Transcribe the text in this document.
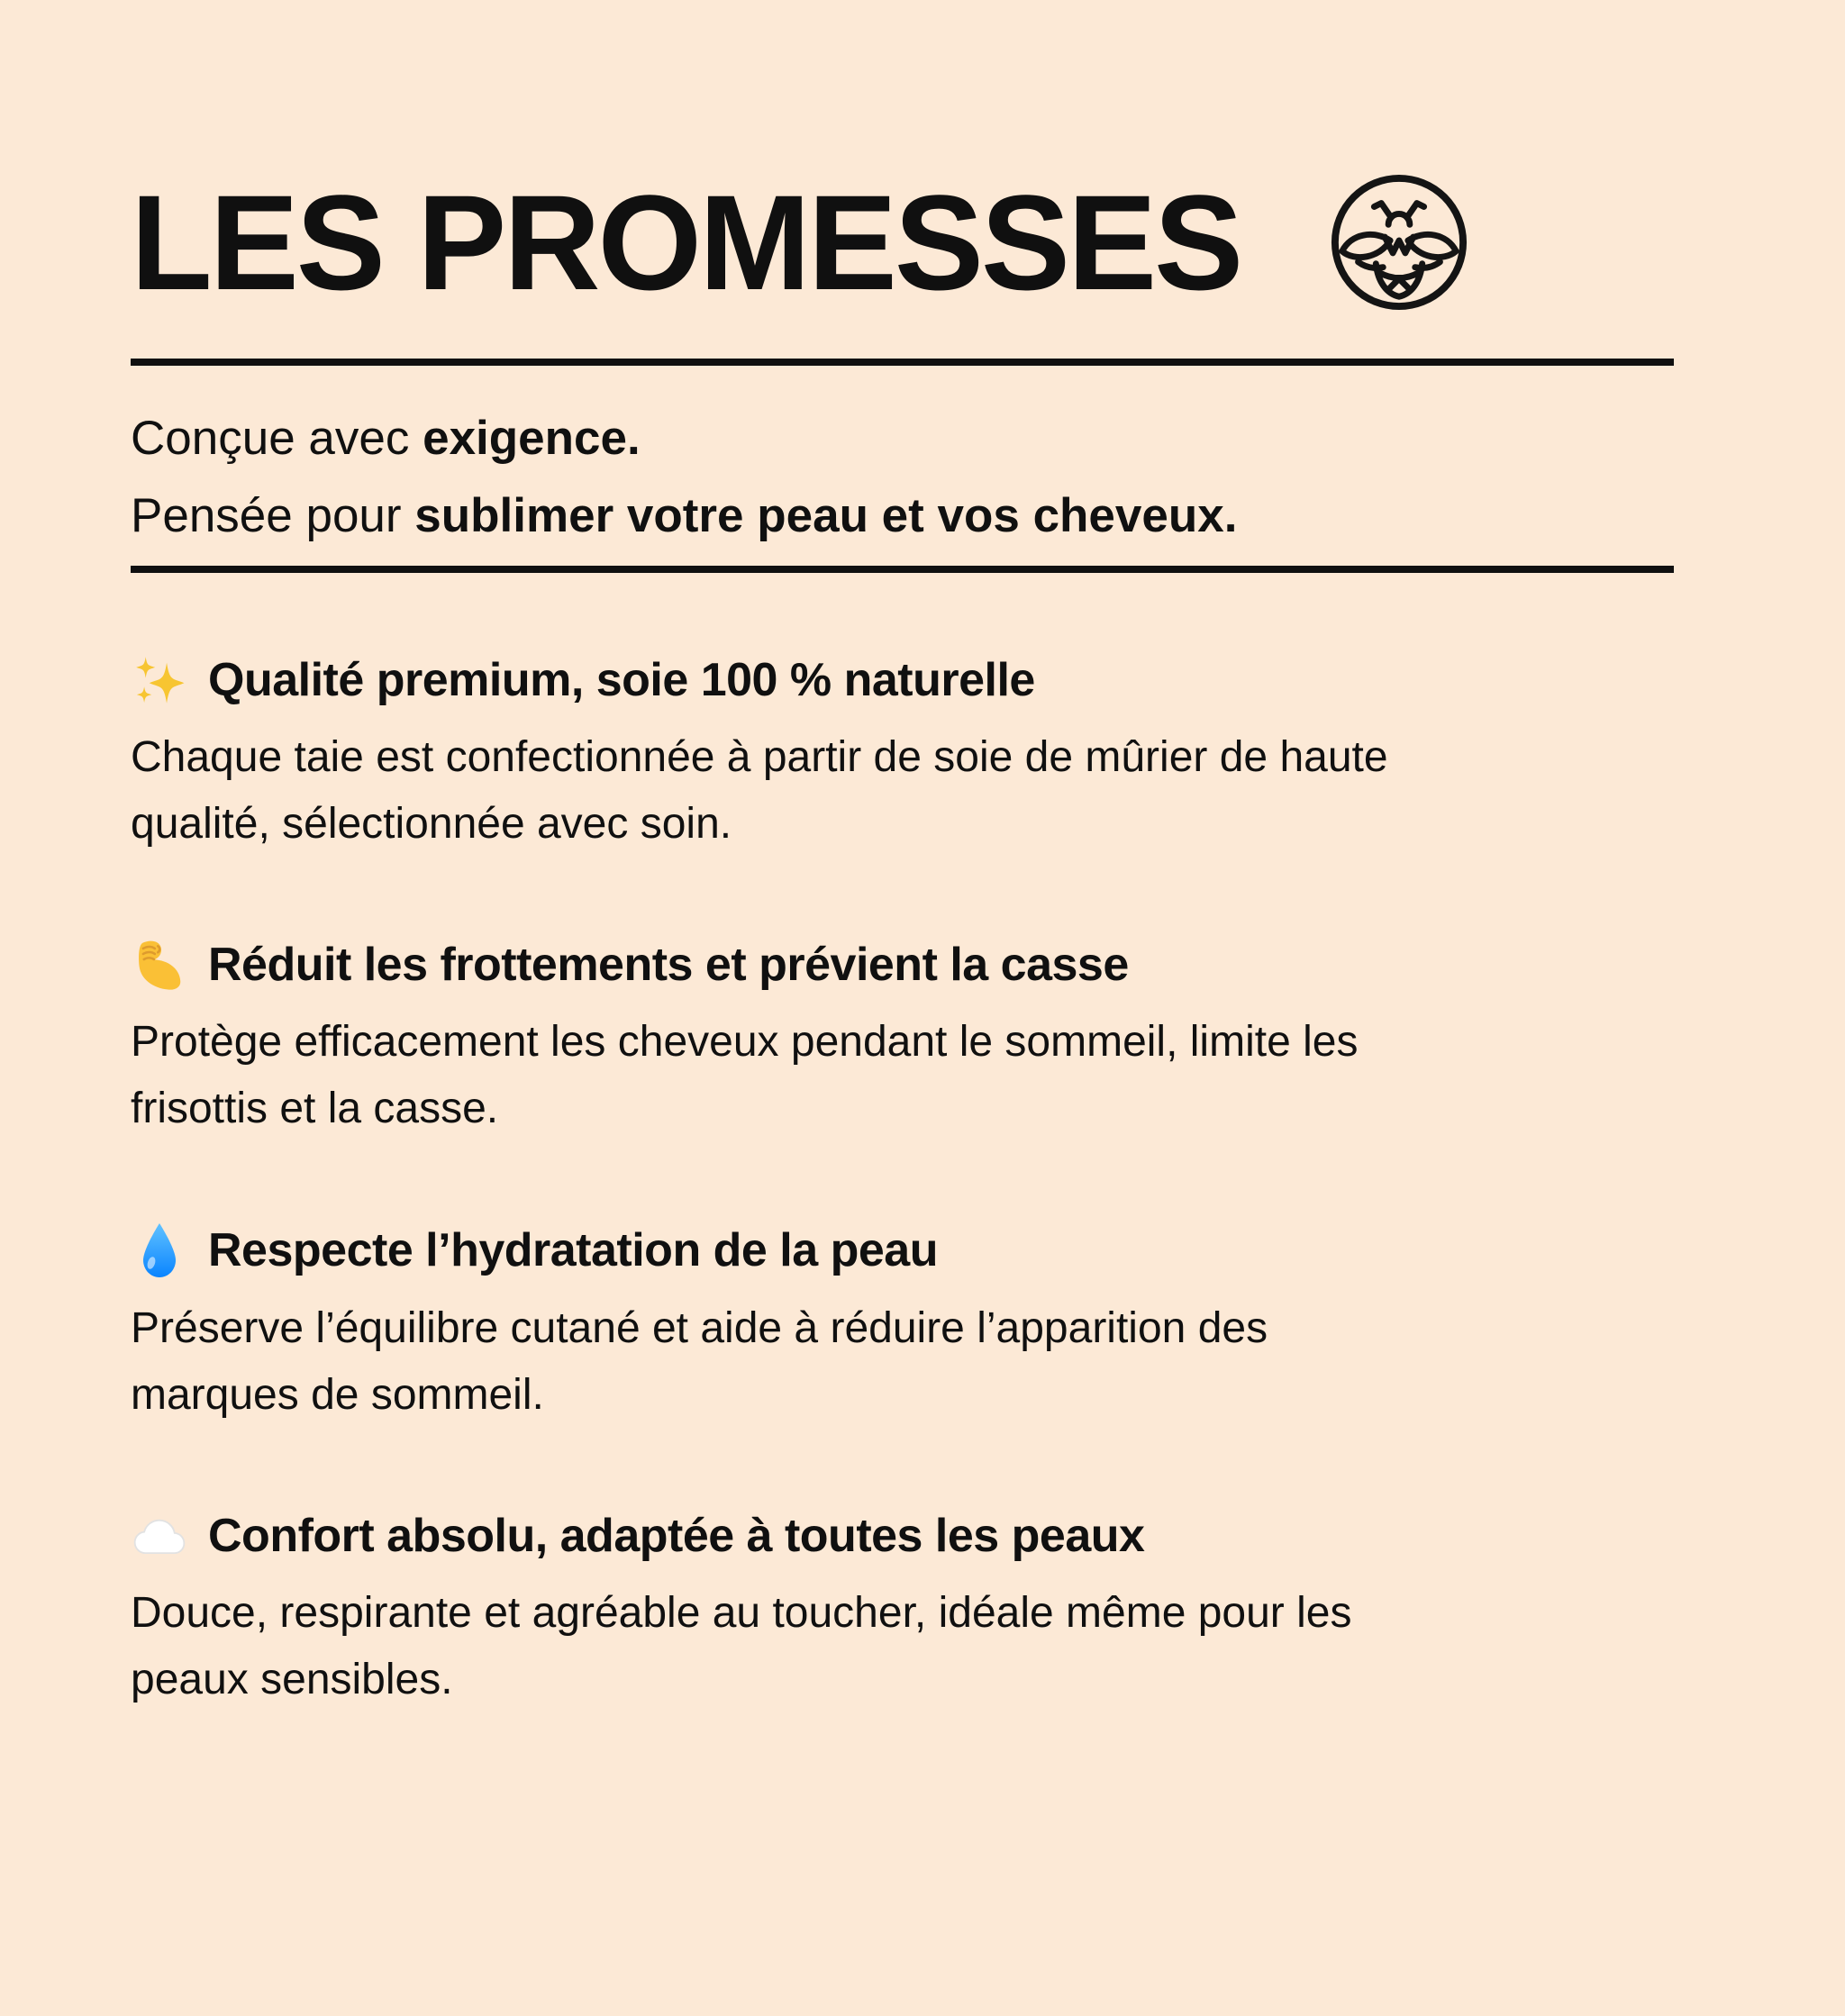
LES PROMESSES
Conçue avec exigence.
Pensée pour sublimer votre peau et vos cheveux.
Qualité premium, soie 100 % naturelle

Chaque taie est confectionnée à partir de soie de mûrier de haute qualité, sélectionnée avec soin.

Réduit les frottements et prévient la casse

Protège efficacement les cheveux pendant le sommeil, limite les frisottis et la casse.

Respecte l’hydratation de la peau

Préserve l’équilibre cutané et aide à réduire l’apparition des marques de sommeil.

Confort absolu, adaptée à toutes les peaux

Douce, respirante et agréable au toucher, idéale même pour les peaux sensibles.
